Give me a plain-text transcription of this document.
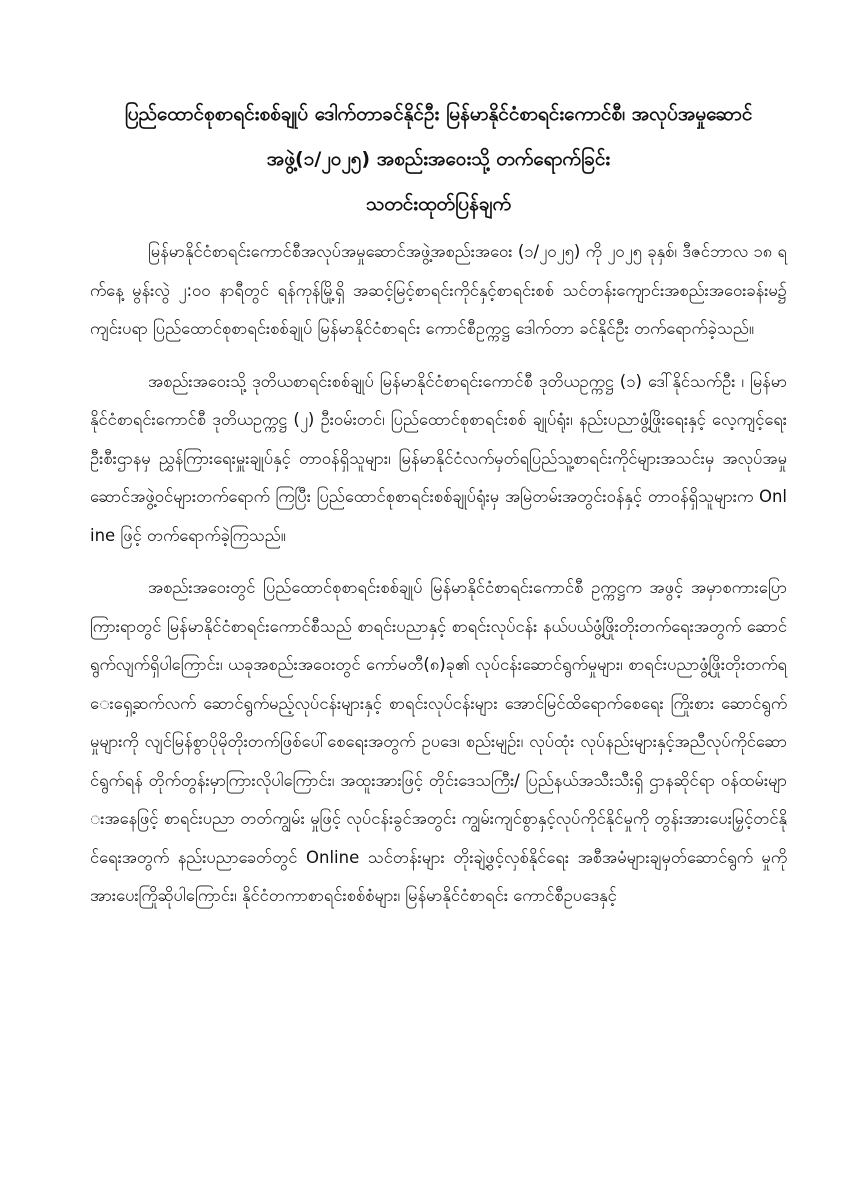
ပြည်ထောင်စုစာရင်းစစ်ချုပ် ဒေါက်တာခင်နိုင်ဦး မြန်မာနိုင်ငံစာရင်းကောင်စီ၊ အလုပ်အမှုဆောင် အဖွဲ့(၁/၂၀၂၅) အစည်းအဝေးသို့ တက်ရောက်ခြင်း
သတင်းထုတ်ပြန်ချက်

မြန်မာနိုင်ငံစာရင်းကောင်စီအလုပ်အမှုဆောင်အဖွဲ့အစည်းအဝေး (၁/၂၀၂၅) ကို ၂၀၂၅ ခုနှစ်၊ ဒီဇင်ဘာလ ၁၈ ရက်နေ့ မွန်းလွဲ ၂:၀၀ နာရီတွင် ရန်ကုန်မြို့ရှိ အဆင့်မြင့်စာရင်းကိုင်နှင့်စာရင်းစစ် သင်တန်းကျောင်းအစည်းအဝေးခန်းမ၌ ကျင်းပရာ ပြည်ထောင်စုစာရင်းစစ်ချုပ် မြန်မာနိုင်ငံစာရင်း ကောင်စီဥက္ကဋ္ဌ ဒေါက်တာ ခင်နိုင်ဦး တက်ရောက်ခဲ့သည်။

အစည်းအဝေးသို့ ဒုတိယစာရင်းစစ်ချုပ် မြန်မာနိုင်ငံစာရင်းကောင်စီ ဒုတိယဥက္ကဋ္ဌ (၁) ဒေါ်နိုင်သက်ဦး ၊ မြန်မာနိုင်ငံစာရင်းကောင်စီ ဒုတိယဥက္ကဋ္ဌ (၂) ဦးဝမ်းတင်၊ ပြည်ထောင်စုစာရင်းစစ် ချုပ်ရုံး၊ နည်းပညာဖွံ့ဖြိုးရေးနှင့် လေ့ကျင့်ရေးဦးစီးဌာနမှ ညွှန်ကြားရေးမှူးချုပ်နှင့် တာဝန်ရှိသူများ၊ မြန်မာနိုင်ငံလက်မှတ်ရပြည်သူ့စာရင်းကိုင်များအသင်းမှ အလုပ်အမှုဆောင်အဖွဲ့ဝင်များတက်ရောက် ကြပြီး ပြည်ထောင်စုစာရင်းစစ်ချုပ်ရုံးမှ အမြဲတမ်းအတွင်းဝန်နှင့် တာဝန်ရှိသူများက Online ဖြင့် တက်ရောက်ခဲ့ကြသည်။

အစည်းအဝေးတွင် ပြည်ထောင်စုစာရင်းစစ်ချုပ် မြန်မာနိုင်ငံစာရင်းကောင်စီ ဥက္ကဋ္ဌက အဖွင့် အမှာစကားပြောကြားရာတွင် မြန်မာနိုင်ငံစာရင်းကောင်စီသည် စာရင်းပညာနှင့် စာရင်းလုပ်ငန်း နယ်ပယ်ဖွံ့ဖြိုးတိုးတက်ရေးအတွက် ဆောင်ရွက်လျက်ရှိပါကြောင်း၊ ယခုအစည်းအဝေးတွင် ကော်မတီ(၈)ခု၏ လုပ်ငန်းဆောင်ရွက်မှုများ၊ စာရင်းပညာဖွံ့ဖြိုးတိုးတက်ရေးရှေ့ဆက်လက် ဆောင်ရွက်မည့်လုပ်ငန်းများနှင့် စာရင်းလုပ်ငန်းများ အောင်မြင်ထိရောက်စေရေး ကြိုးစား ဆောင်ရွက်မှုများကို လျင်မြန်စွာပိုမိုတိုးတက်ဖြစ်ပေါ်စေရေးအတွက် ဥပဒေ၊ စည်းမျဉ်း၊ လုပ်ထုံး လုပ်နည်းများနှင့်အညီလုပ်ကိုင်ဆောင်ရွက်ရန် တိုက်တွန်းမှာကြားလိုပါကြောင်း၊ အထူးအားဖြင့် တိုင်းဒေသကြီး/ ပြည်နယ်အသီးသီးရှိ ဌာနဆိုင်ရာ ဝန်ထမ်းများအနေဖြင့် စာရင်းပညာ တတ်ကျွမ်း မှုဖြင့် လုပ်ငန်းခွင်အတွင်း ကျွမ်းကျင်စွာနှင့်လုပ်ကိုင်နိုင်မှုကို တွန်းအားပေးမြှင့်တင်နိုင်ရေးအတွက် နည်းပညာခေတ်တွင် Online သင်တန်းများ တိုးချဲ့ဖွင့်လှစ်နိုင်ရေး အစီအမံများချမှတ်ဆောင်ရွက် မှုကို အားပေးကြိုဆိုပါကြောင်း၊ နိုင်ငံတကာစာရင်းစစ်စံများ၊ မြန်မာနိုင်ငံစာရင်း ကောင်စီဥပဒေနှင့်
